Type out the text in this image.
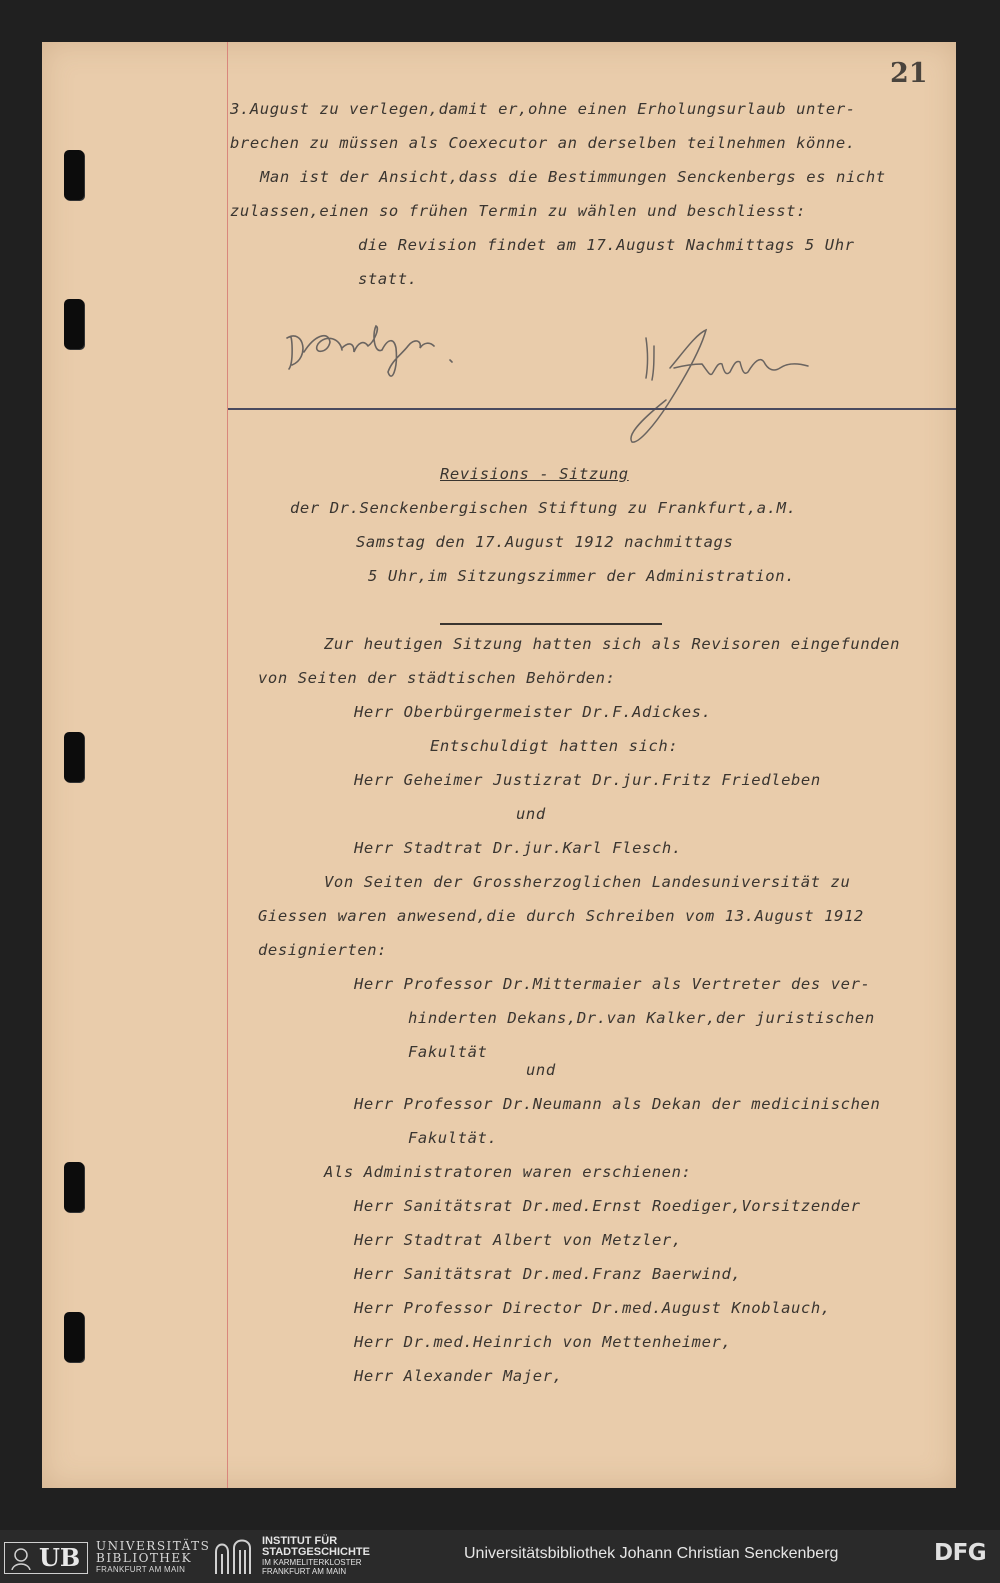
21
3.August zu verlegen,damit er,ohne einen Erholungsurlaub unter-
brechen zu müssen als Coexecutor an derselben teilnehmen könne.
Man ist der Ansicht,dass die Bestimmungen Senckenbergs es nicht
zulassen,einen so frühen Termin zu wählen und beschliesst:
die Revision findet am 17.August Nachmittags 5 Uhr
statt.
Revisions - Sitzung
der Dr.Senckenbergischen Stiftung zu Frankfurt,a.M.
Samstag den 17.August 1912 nachmittags
5 Uhr,im Sitzungszimmer der Administration.
Zur heutigen Sitzung hatten sich als Revisoren eingefunden
von Seiten der städtischen Behörden:
Herr Oberbürgermeister Dr.F.Adickes.
Entschuldigt hatten sich:
Herr Geheimer Justizrat Dr.jur.Fritz Friedleben
und
Herr Stadtrat Dr.jur.Karl Flesch.
Von Seiten der Grossherzoglichen Landesuniversität zu
Giessen waren anwesend,die durch Schreiben vom 13.August 1912
designierten:
Herr Professor Dr.Mittermaier als Vertreter des ver-
hinderten Dekans,Dr.van Kalker,der juristischen
Fakultät
und
Herr Professor Dr.Neumann als Dekan der medicinischen
Fakultät.
Als Administratoren waren erschienen:
Herr Sanitätsrat Dr.med.Ernst Roediger,Vorsitzender
Herr Stadtrat Albert von Metzler,
Herr Sanitätsrat Dr.med.Franz Baerwind,
Herr Professor Director Dr.med.August Knoblauch,
Herr Dr.med.Heinrich von Mettenheimer,
Herr Alexander Majer,
UB	UNIVERSITÄTS
BIBLIOTHEK
FRANKFURT AM MAIN
INSTITUT FÜR
STADTGESCHICHTE
IM KARMELITERKLOSTER
FRANKFURT AM MAIN
Universitätsbibliothek Johann Christian Senckenberg	DFG
